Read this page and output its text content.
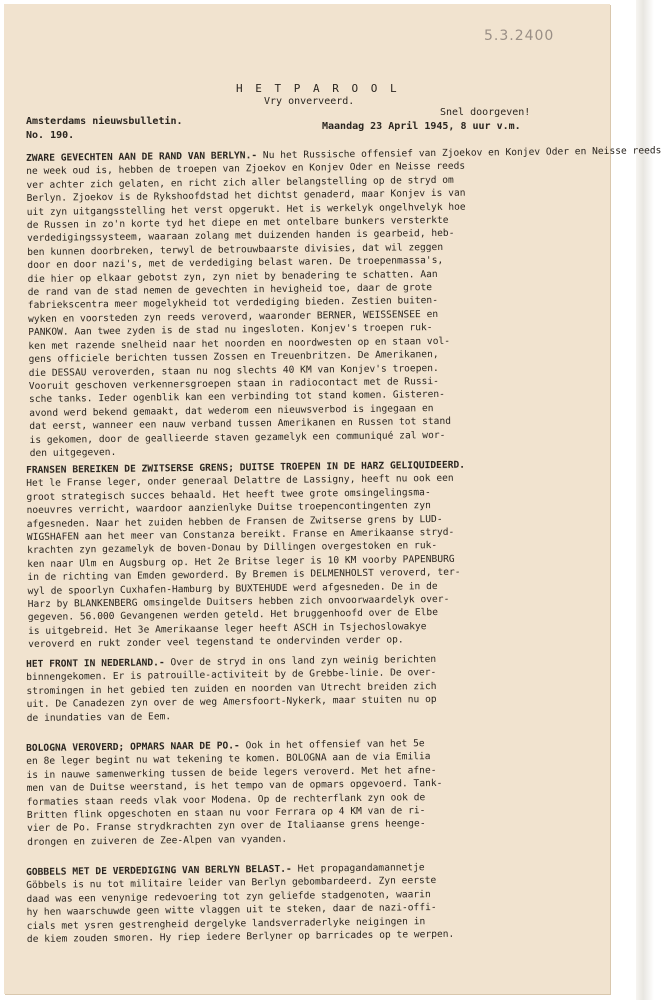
5.3.2400
H E T P A R O O L
Vry onverveerd.
Snel doorgeven!
Amsterdams nieuwsbulletin.
No. 190.
Maandag 23 April 1945, 8 uur v.m.
ZWARE GEVECHTEN AAN DE RAND VAN BERLYN.- Nu het Russische offensief van Zjoekov en Konjev Oder en Neisse reeds
ne week oud is, hebben de troepen van Zjoekov en Konjev Oder en Neisse reeds
ver achter zich gelaten, en richt zich aller belangstelling op de stryd om
Berlyn. Zjoekov is de Rykshoofdstad het dichtst genaderd, maar Konjev is van
uit zyn uitgangsstelling het verst opgerukt. Het is werkelyk ongelhvelyk hoe
de Russen in zo'n korte tyd het diepe en met ontelbare bunkers versterkte
verdedigingssysteem, waaraan zolang met duizenden handen is gearbeid, heb-
ben kunnen doorbreken, terwyl de betrouwbaarste divisies, dat wil zeggen
door en door nazi's, met de verdediging belast waren. De troepenmassa's,
die hier op elkaar gebotst zyn, zyn niet by benadering te schatten. Aan
de rand van de stad nemen de gevechten in hevigheid toe, daar de grote
fabriekscentra meer mogelykheid tot verdediging bieden. Zestien buiten-
wyken en voorsteden zyn reeds veroverd, waaronder BERNER, WEISSENSEE en
PANKOW. Aan twee zyden is de stad nu ingesloten. Konjev's troepen ruk-
ken met razende snelheid naar het noorden en noordwesten op en staan vol-
gens officiele berichten tussen Zossen en Treuenbritzen. De Amerikanen,
die DESSAU veroverden, staan nu nog slechts 40 KM van Konjev's troepen.
Vooruit geschoven verkennersgroepen staan in radiocontact met de Russi-
sche tanks. Ieder ogenblik kan een verbinding tot stand komen. Gisteren-
avond werd bekend gemaakt, dat wederom een nieuwsverbod is ingegaan en
dat eerst, wanneer een nauw verband tussen Amerikanen en Russen tot stand
is gekomen, door de geallieerde staven gezamelyk een communiqué zal wor-
den uitgegeven.
FRANSEN BEREIKEN DE ZWITSERSE GRENS; DUITSE TROEPEN IN DE HARZ GELIQUIDEERD.
Het le Franse leger, onder generaal Delattre de Lassigny, heeft nu ook een
groot strategisch succes behaald. Het heeft twee grote omsingelingsma-
noeuvres verricht, waardoor aanzienlyke Duitse troepencontingenten zyn
afgesneden. Naar het zuiden hebben de Fransen de Zwitserse grens by LUD-
WIGSHAFEN aan het meer van Constanza bereikt. Franse en Amerikaanse stryd-
krachten zyn gezamelyk de boven-Donau by Dillingen overgestoken en ruk-
ken naar Ulm en Augsburg op. Het 2e Britse leger is 10 KM voorby PAPENBURG
in de richting van Emden geworderd. By Bremen is DELMENHOLST veroverd, ter-
wyl de spoorlyn Cuxhafen-Hamburg by BUXTEHUDE werd afgesneden. De in de
Harz by BLANKENBERG omsingelde Duitsers hebben zich onvoorwaardelyk over-
gegeven. 56.000 Gevangenen werden geteld. Het bruggenhoofd over de Elbe
is uitgebreid. Het 3e Amerikaanse leger heeft ASCH in Tsjechoslowakye
veroverd en rukt zonder veel tegenstand te ondervinden verder op.
HET FRONT IN NEDERLAND.- Over de stryd in ons land zyn weinig berichten
binnengekomen. Er is patrouille-activiteit by de Grebbe-linie. De over-
stromingen in het gebied ten zuiden en noorden van Utrecht breiden zich
uit. De Canadezen zyn over de weg Amersfoort-Nykerk, maar stuiten nu op
de inundaties van de Eem.
BOLOGNA VEROVERD; OPMARS NAAR DE PO.- Ook in het offensief van het 5e
en 8e leger begint nu wat tekening te komen. BOLOGNA aan de via Emilia
is in nauwe samenwerking tussen de beide legers veroverd. Met het afne-
men van de Duitse weerstand, is het tempo van de opmars opgevoerd. Tank-
formaties staan reeds vlak voor Modena. Op de rechterflank zyn ook de
Britten flink opgeschoten en staan nu voor Ferrara op 4 KM van de ri-
vier de Po. Franse strydkrachten zyn over de Italiaanse grens heenge-
drongen en zuiveren de Zee-Alpen van vyanden.
GOBBELS MET DE VERDEDIGING VAN BERLYN BELAST.- Het propagandamannetje
Göbbels is nu tot militaire leider van Berlyn gebombardeerd. Zyn eerste
daad was een venynige redevoering tot zyn geliefde stadgenoten, waarin
hy hen waarschuwde geen witte vlaggen uit te steken, daar de nazi-offi-
cials met ysren gestrengheid dergelyke landsverraderlyke neigingen in
de kiem zouden smoren. Hy riep iedere Berlyner op barricades op te werpen.
